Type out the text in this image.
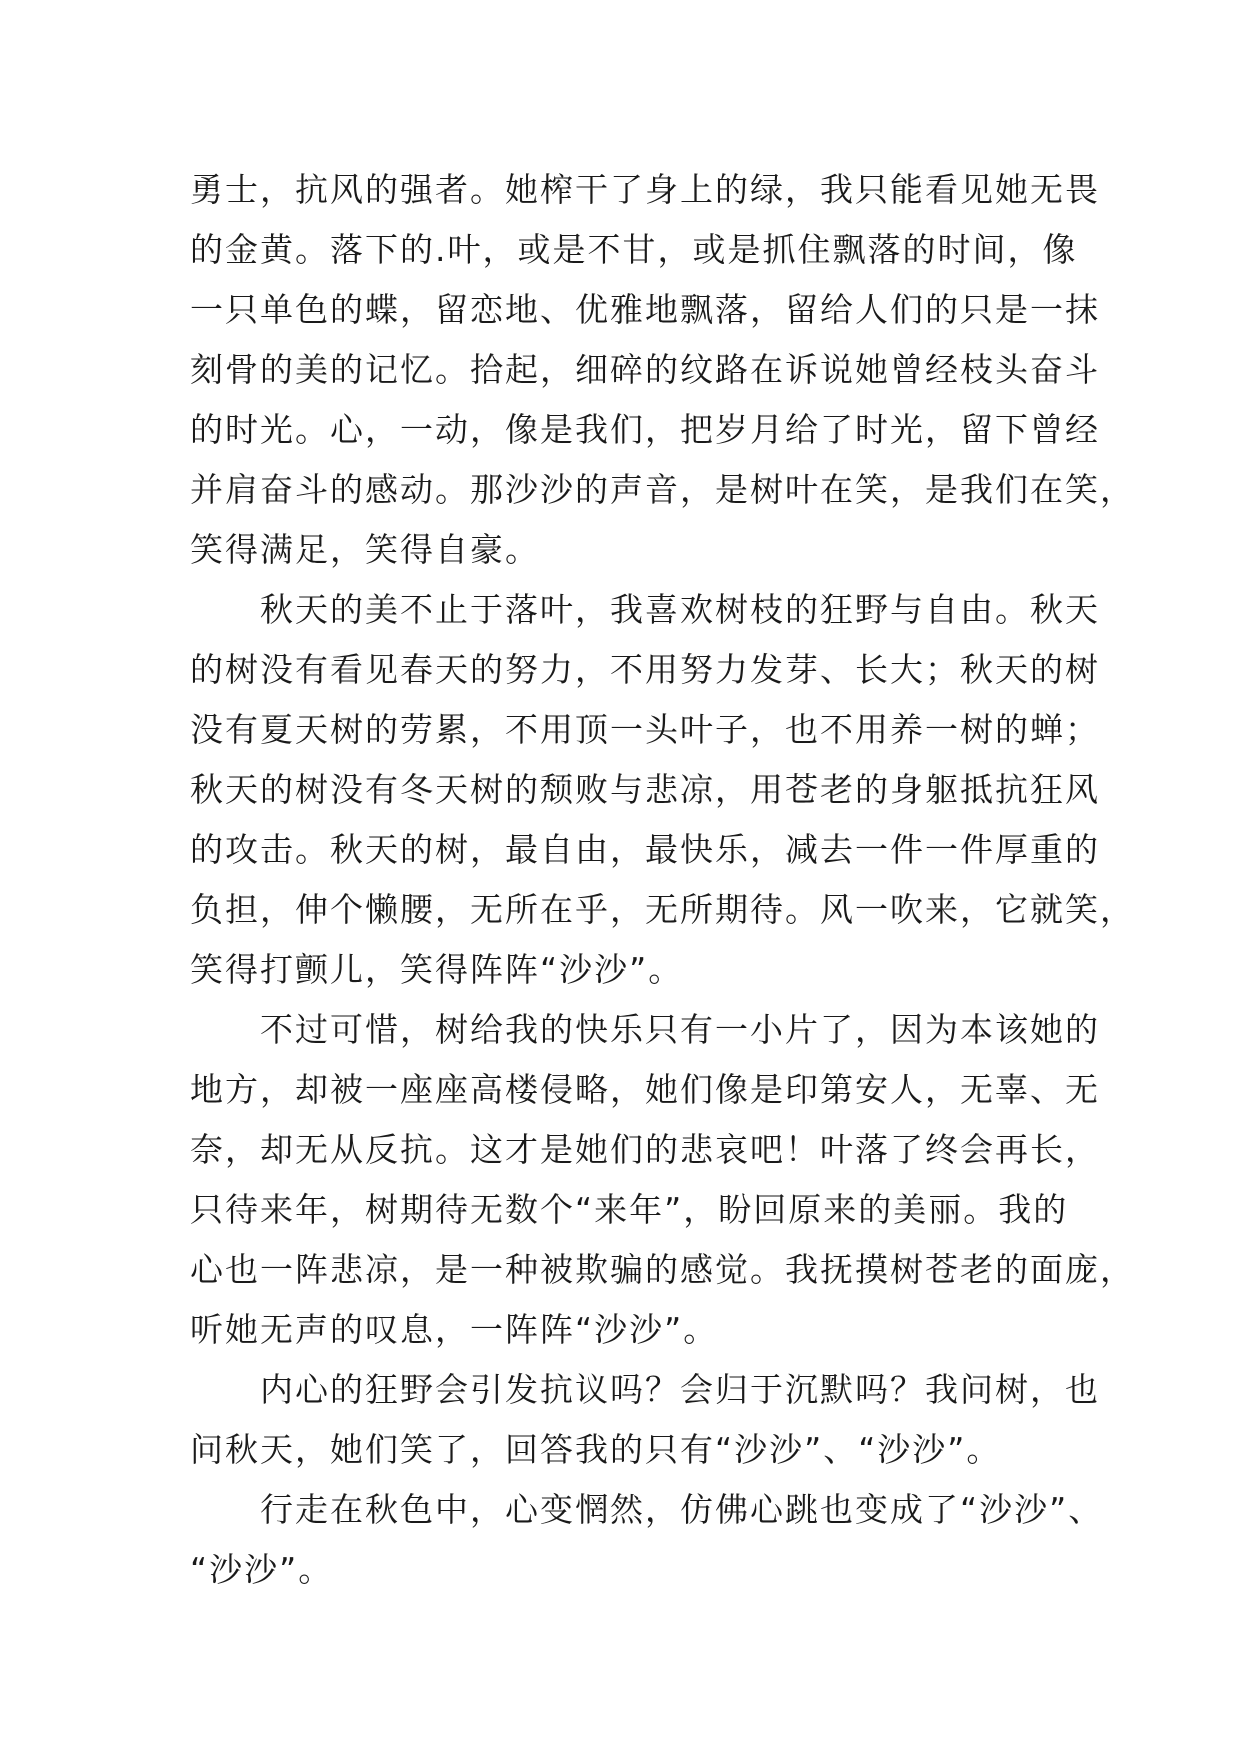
勇士，抗风的强者。她榨干了身上的绿，我只能看见她无畏
的金黄。落下的.叶，或是不甘，或是抓住飘落的时间，像
一只单色的蝶，留恋地、优雅地飘落，留给人们的只是一抹
刻骨的美的记忆。拾起，细碎的纹路在诉说她曾经枝头奋斗
的时光。心，一动，像是我们，把岁月给了时光，留下曾经
并肩奋斗的感动。那沙沙的声音，是树叶在笑，是我们在笑，
笑得满足，笑得自豪。
秋天的美不止于落叶，我喜欢树枝的狂野与自由。秋天
的树没有看见春天的努力，不用努力发芽、长大；秋天的树
没有夏天树的劳累，不用顶一头叶子，也不用养一树的蝉；
秋天的树没有冬天树的颓败与悲凉，用苍老的身躯抵抗狂风
的攻击。秋天的树，最自由，最快乐，减去一件一件厚重的
负担，伸个懒腰，无所在乎，无所期待。风一吹来，它就笑，
笑得打颤儿，笑得阵阵“沙沙”。
不过可惜，树给我的快乐只有一小片了，因为本该她的
地方，却被一座座高楼侵略，她们像是印第安人，无辜、无
奈，却无从反抗。这才是她们的悲哀吧！叶落了终会再长，
只待来年，树期待无数个“来年”，盼回原来的美丽。我的
心也一阵悲凉，是一种被欺骗的感觉。我抚摸树苍老的面庞，
听她无声的叹息，一阵阵“沙沙”。
内心的狂野会引发抗议吗？会归于沉默吗？我问树，也
问秋天，她们笑了，回答我的只有“沙沙”、“沙沙”。
行走在秋色中，心变惘然，仿佛心跳也变成了“沙沙”、
“沙沙”。
